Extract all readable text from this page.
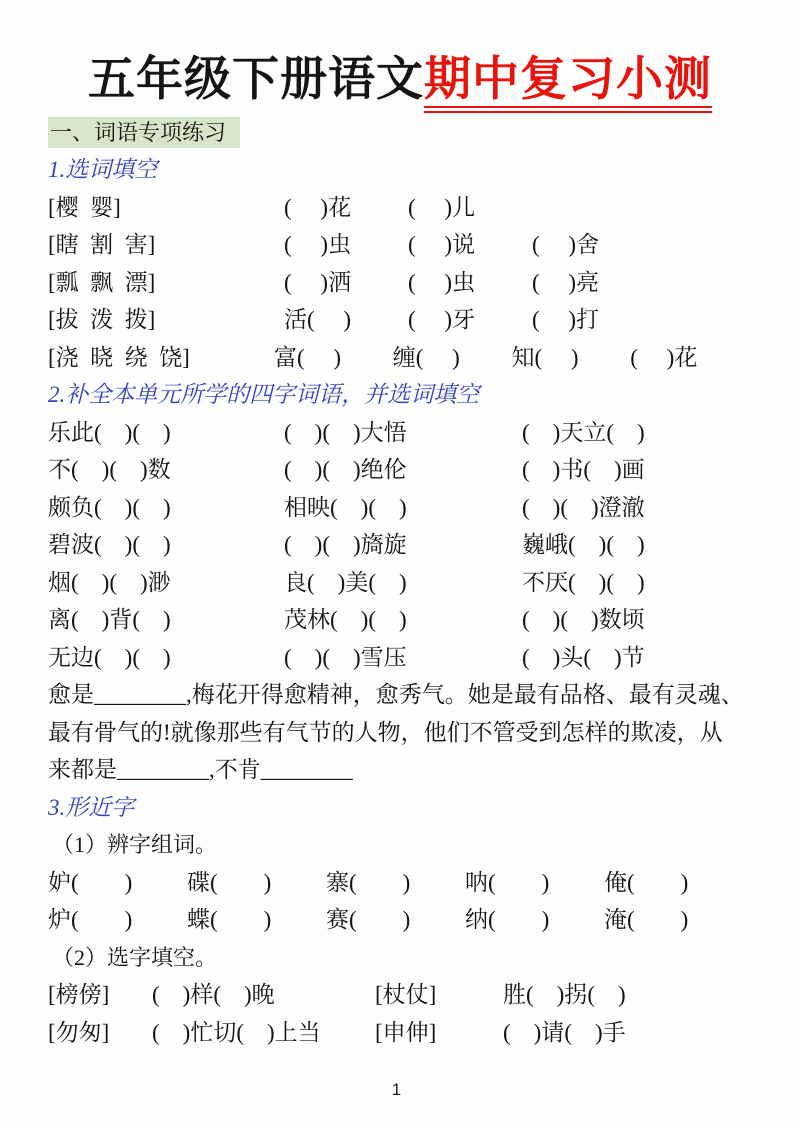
五年级下册语文期中复习小测
一、词语专项练习
1.选词填空
[樱  婴]	(     )花	(     )儿
[瞎  割  害]	(     )虫	(     )说	(     )舍
[瓢  飘  漂]	(     )洒	(     )虫	(     )亮
[拔  泼  拨]	活(     )	(     )牙	(     )打
[浇  晓  绕  饶]	富(     )	缠(     )	知(     )	(     )花
2.补全本单元所学的四字词语，并选词填空
乐此(    )(    )	(    )(    )大悟	(    )天立(    )
不(    )(    )数	(    )(    )绝伦	(    )书(    )画
颇负(    )(    )	相映(    )(    )	(    )(    )澄澈
碧波(    )(    )	(    )(    )旖旋	巍峨(    )(    )
烟(    )(    )渺	良(    )美(    )	不厌(    )(    )
离(    )背(    )	茂林(    )(    )	(    )(    )数顷
无边(    )(    )	(    )(    )雪压	(    )头(    )节
愈是________,梅花开得愈精神，愈秀气。她是最有品格、最有灵魂、
最有骨气的!就像那些有气节的人物，他们不管受到怎样的欺凌，从
来都是________,不肯________
3.形近字
（1）辨字组词。
妒(        )	碟(        )	寨(        )	呐(        )	俺(        )
炉(        )	蝶(        )	赛(        )	纳(        )	淹(        )
（2）选字填空。
[榜傍]	(    )样(    )晚	[杖仗]	胜(    )拐(    )
[勿匆]	(    )忙切(    )上当	[申伸]	(    )请(    )手
1
